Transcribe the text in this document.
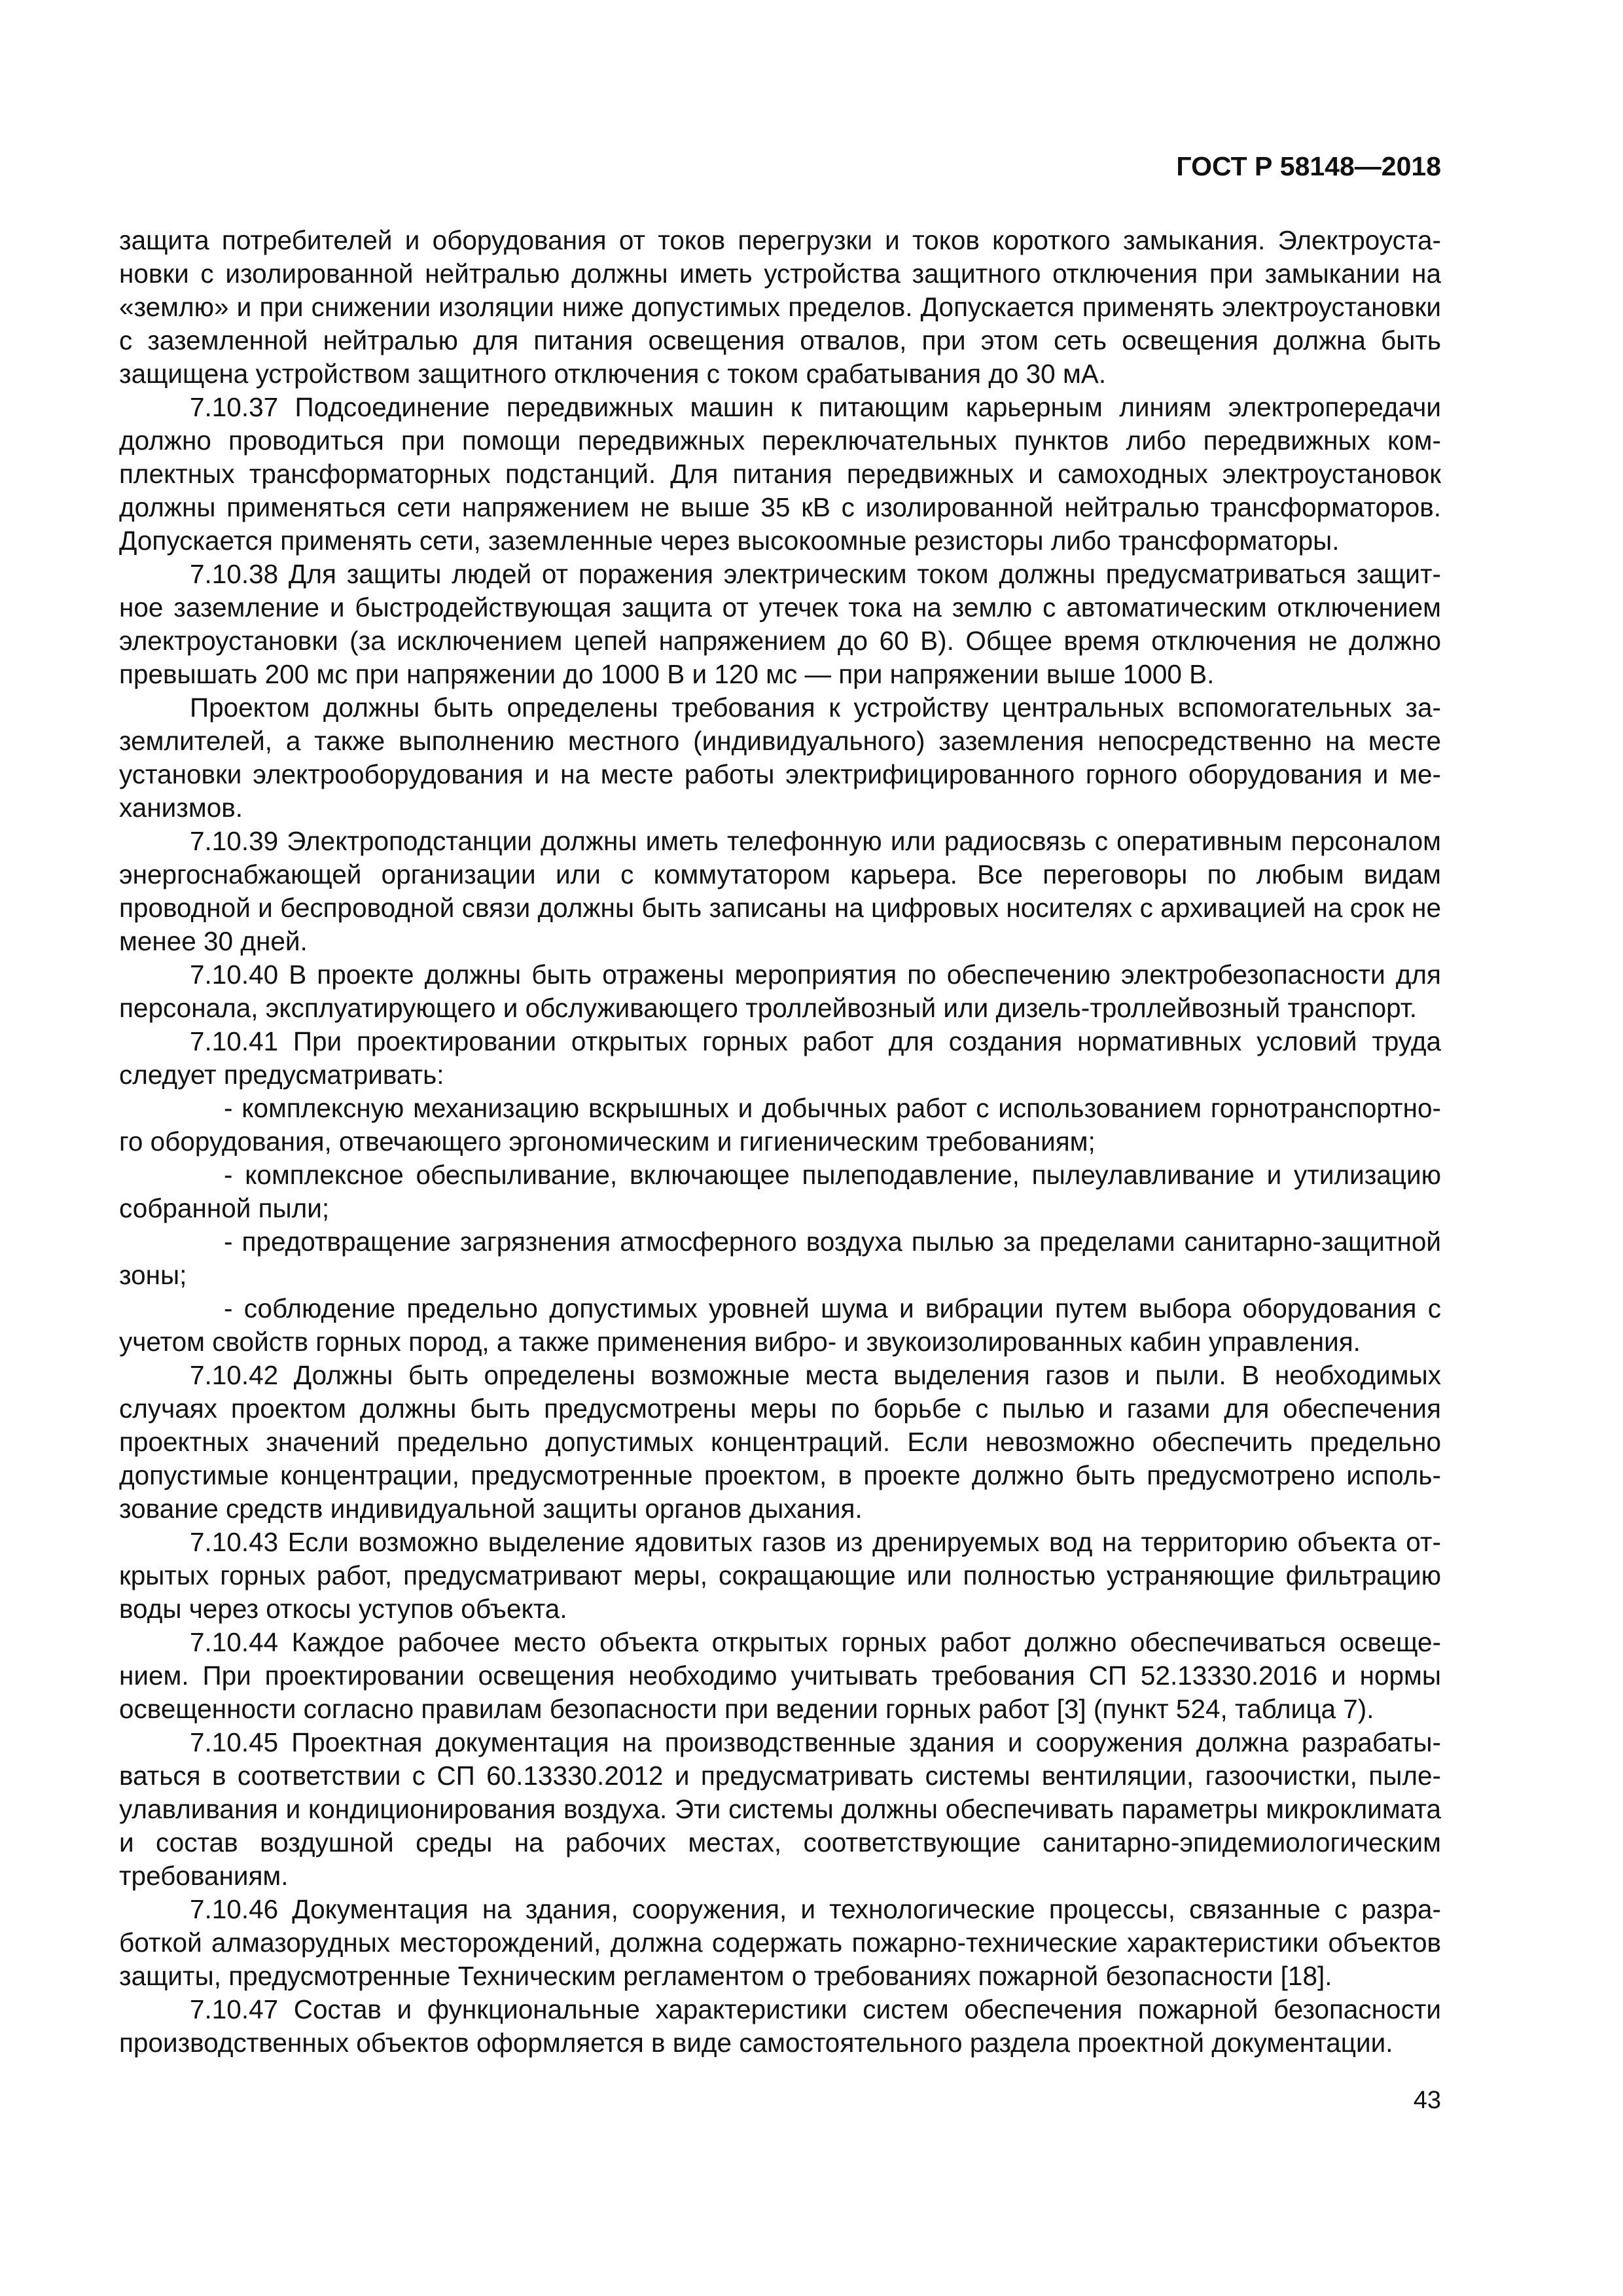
ГОСТ Р 58148—2018

защита потребителей и оборудования от токов перегрузки и токов короткого замыкания. Электроустановки с изолированной нейтралью должны иметь устройства защитного отключения при замыкании на «землю» и при снижении изоляции ниже допустимых пределов. Допускается применять электроустановки с заземленной нейтралью для питания освещения отвалов, при этом сеть освещения должна быть защищена устройством защитного отключения с током срабатывания до 30 мА.

7.10.37 Подсоединение передвижных машин к питающим карьерным линиям электропередачи должно проводиться при помощи передвижных переключательных пунктов либо передвижных комплектных трансформаторных подстанций. Для питания передвижных и самоходных электроустановок должны применяться сети напряжением не выше 35 кВ с изолированной нейтралью трансформаторов. Допускается применять сети, заземленные через высокоомные резисторы либо трансформаторы.

7.10.38 Для защиты людей от поражения электрическим током должны предусматриваться защитное заземление и быстродействующая защита от утечек тока на землю с автоматическим отключением электроустановки (за исключением цепей напряжением до 60 В). Общее время отключения не должно превышать 200 мс при напряжении до 1000 В и 120 мс — при напряжении выше 1000 В.

Проектом должны быть определены требования к устройству центральных вспомогательных заземлителей, а также выполнению местного (индивидуального) заземления непосредственно на месте установки электрооборудования и на месте работы электрифицированного горного оборудования и механизмов.

7.10.39 Электроподстанции должны иметь телефонную или радиосвязь с оперативным персоналом энергоснабжающей организации или с коммутатором карьера. Все переговоры по любым видам проводной и беспроводной связи должны быть записаны на цифровых носителях с архивацией на срок не менее 30 дней.

7.10.40 В проекте должны быть отражены мероприятия по обеспечению электробезопасности для персонала, эксплуатирующего и обслуживающего троллейвозный или дизель-троллейвозный транспорт.

7.10.41 При проектировании открытых горных работ для создания нормативных условий труда следует предусматривать:

- комплексную механизацию вскрышных и добычных работ с использованием горнотранспортного оборудования, отвечающего эргономическим и гигиеническим требованиям;

- комплексное обеспыливание, включающее пылеподавление, пылеулавливание и утилизацию собранной пыли;

- предотвращение загрязнения атмосферного воздуха пылью за пределами санитарно-защитной зоны;

- соблюдение предельно допустимых уровней шума и вибрации путем выбора оборудования с учетом свойств горных пород, а также применения вибро- и звукоизолированных кабин управления.

7.10.42 Должны быть определены возможные места выделения газов и пыли. В необходимых случаях проектом должны быть предусмотрены меры по борьбе с пылью и газами для обеспечения проектных значений предельно допустимых концентраций. Если невозможно обеспечить предельно допустимые концентрации, предусмотренные проектом, в проекте должно быть предусмотрено использование средств индивидуальной защиты органов дыхания.

7.10.43 Если возможно выделение ядовитых газов из дренируемых вод на территорию объекта открытых горных работ, предусматривают меры, сокращающие или полностью устраняющие фильтрацию воды через откосы уступов объекта.

7.10.44 Каждое рабочее место объекта открытых горных работ должно обеспечиваться освещением. При проектировании освещения необходимо учитывать требования СП 52.13330.2016 и нормы освещенности согласно правилам безопасности при ведении горных работ [3] (пункт 524, таблица 7).

7.10.45 Проектная документация на производственные здания и сооружения должна разрабатываться в соответствии с СП 60.13330.2012 и предусматривать системы вентиляции, газоочистки, пылеулавливания и кондиционирования воздуха. Эти системы должны обеспечивать параметры микроклимата и состав воздушной среды на рабочих местах, соответствующие санитарно-эпидемиологическим требованиям.

7.10.46 Документация на здания, сооружения, и технологические процессы, связанные с разработкой алмазорудных месторождений, должна содержать пожарно-технические характеристики объектов защиты, предусмотренные Техническим регламентом о требованиях пожарной безопасности [18].

7.10.47 Состав и функциональные характеристики систем обеспечения пожарной безопасности производственных объектов оформляется в виде самостоятельного раздела проектной документации.

43
